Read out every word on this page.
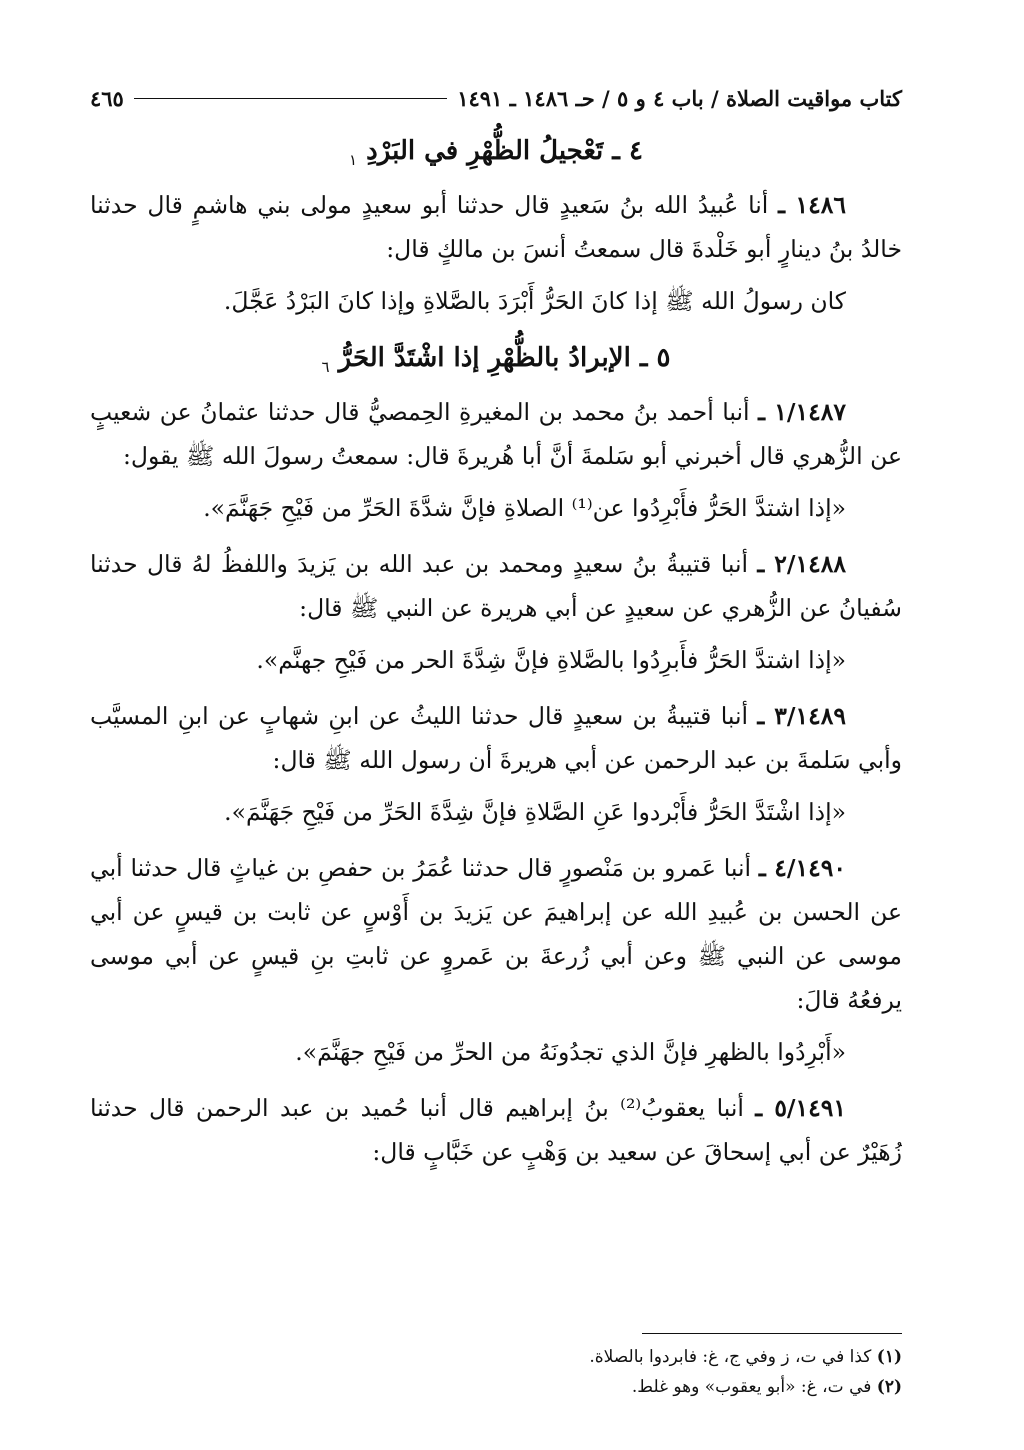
كتاب مواقيت الصلاة / باب ٤ و ٥ / حـ ١٤٨٦ ـ ١٤٩١
٤٦٥
٤ ـ تَعْجيلُ الظُّهْرِ في البَرْدِ $_١$

١٤٨٦ ـ أنا عُبيدُ الله بنُ سَعيدٍ قال حدثنا أبو سعيدٍ مولى بني هاشمٍ قال حدثنا خالدُ بنُ دينارٍ أبو خَلْدةَ قال سمعتُ أنسَ بن مالكٍ قال:

كان رسولُ الله ﷺ إذا كانَ الحَرُّ أَبْرَدَ بالصَّلاةِ وإذا كانَ البَرْدُ عَجَّلَ.

٥ ـ الإبرادُ بالظُّهْرِ إذا اشْتَدَّ الحَرُّ $_٦$

١/١٤٨٧ ـ أنبا أحمد بنُ محمد بن المغيرةِ الحِمصيُّ قال حدثنا عثمانُ عن شعيبٍ عن الزُّهري قال أخبرني أبو سَلمةَ أنَّ أبا هُريرةَ قال: سمعتُ رسولَ الله ﷺ يقول:

«إذا اشتدَّ الحَرُّ فأَبْرِدُوا عن⁽¹⁾ الصلاةِ فإنَّ شدَّةَ الحَرِّ من فَيْحِ جَهَنَّمَ».

٢/١٤٨٨ ـ أنبا قتيبةُ بنُ سعيدٍ ومحمد بن عبد الله بن يَزيدَ واللفظُ لهُ قال حدثنا سُفيانُ عن الزُّهري عن سعيدٍ عن أبي هريرة عن النبي ﷺ قال:

«إذا اشتدَّ الحَرُّ فأَبرِدُوا بالصَّلاةِ فإنَّ شِدَّةَ الحر من فَيْحِ جهنَّم».

٣/١٤٨٩ ـ أنبا قتيبةُ بن سعيدٍ قال حدثنا الليثُ عن ابنِ شهابٍ عن ابنِ المسيَّب وأبي سَلمةَ بن عبد الرحمن عن أبي هريرةَ أن رسول الله ﷺ قال:

«إذا اشْتَدَّ الحَرُّ فأَبْردوا عَنِ الصَّلاةِ فإنَّ شِدَّةَ الحَرِّ من فَيْحِ جَهَنَّمَ».

٤/١٤٩٠ ـ أنبا عَمرو بن مَنْصورٍ قال حدثنا عُمَرُ بن حفصِ بن غياثٍ قال حدثنا أبي عن الحسن بن عُبيدِ الله عن إبراهيمَ عن يَزيدَ بن أَوْسٍ عن ثابت بن قيسٍ عن أبي موسى عن النبي ﷺ وعن أبي زُرعةَ بن عَمروٍ عن ثابتِ بنِ قيسٍ عن أبي موسى يرفعُهُ قالَ:

«أَبْرِدُوا بالظهرِ فإنَّ الذي تجدُونَهُ من الحرِّ من فَيْحِ جهَنَّمَ».

٥/١٤٩١ ـ أنبا يعقوبُ⁽²⁾ بنُ إبراهيم قال أنبا حُميد بن عبد الرحمن قال حدثنا زُهَيْرٌ عن أبي إسحاقَ عن سعيد بن وَهْبٍ عن خَبَّابٍ قال:

(١) كذا في ت، ز وفي ج، غ: فابردوا بالصلاة.
(٢) في ت، غ: «أبو يعقوب» وهو غلط.
